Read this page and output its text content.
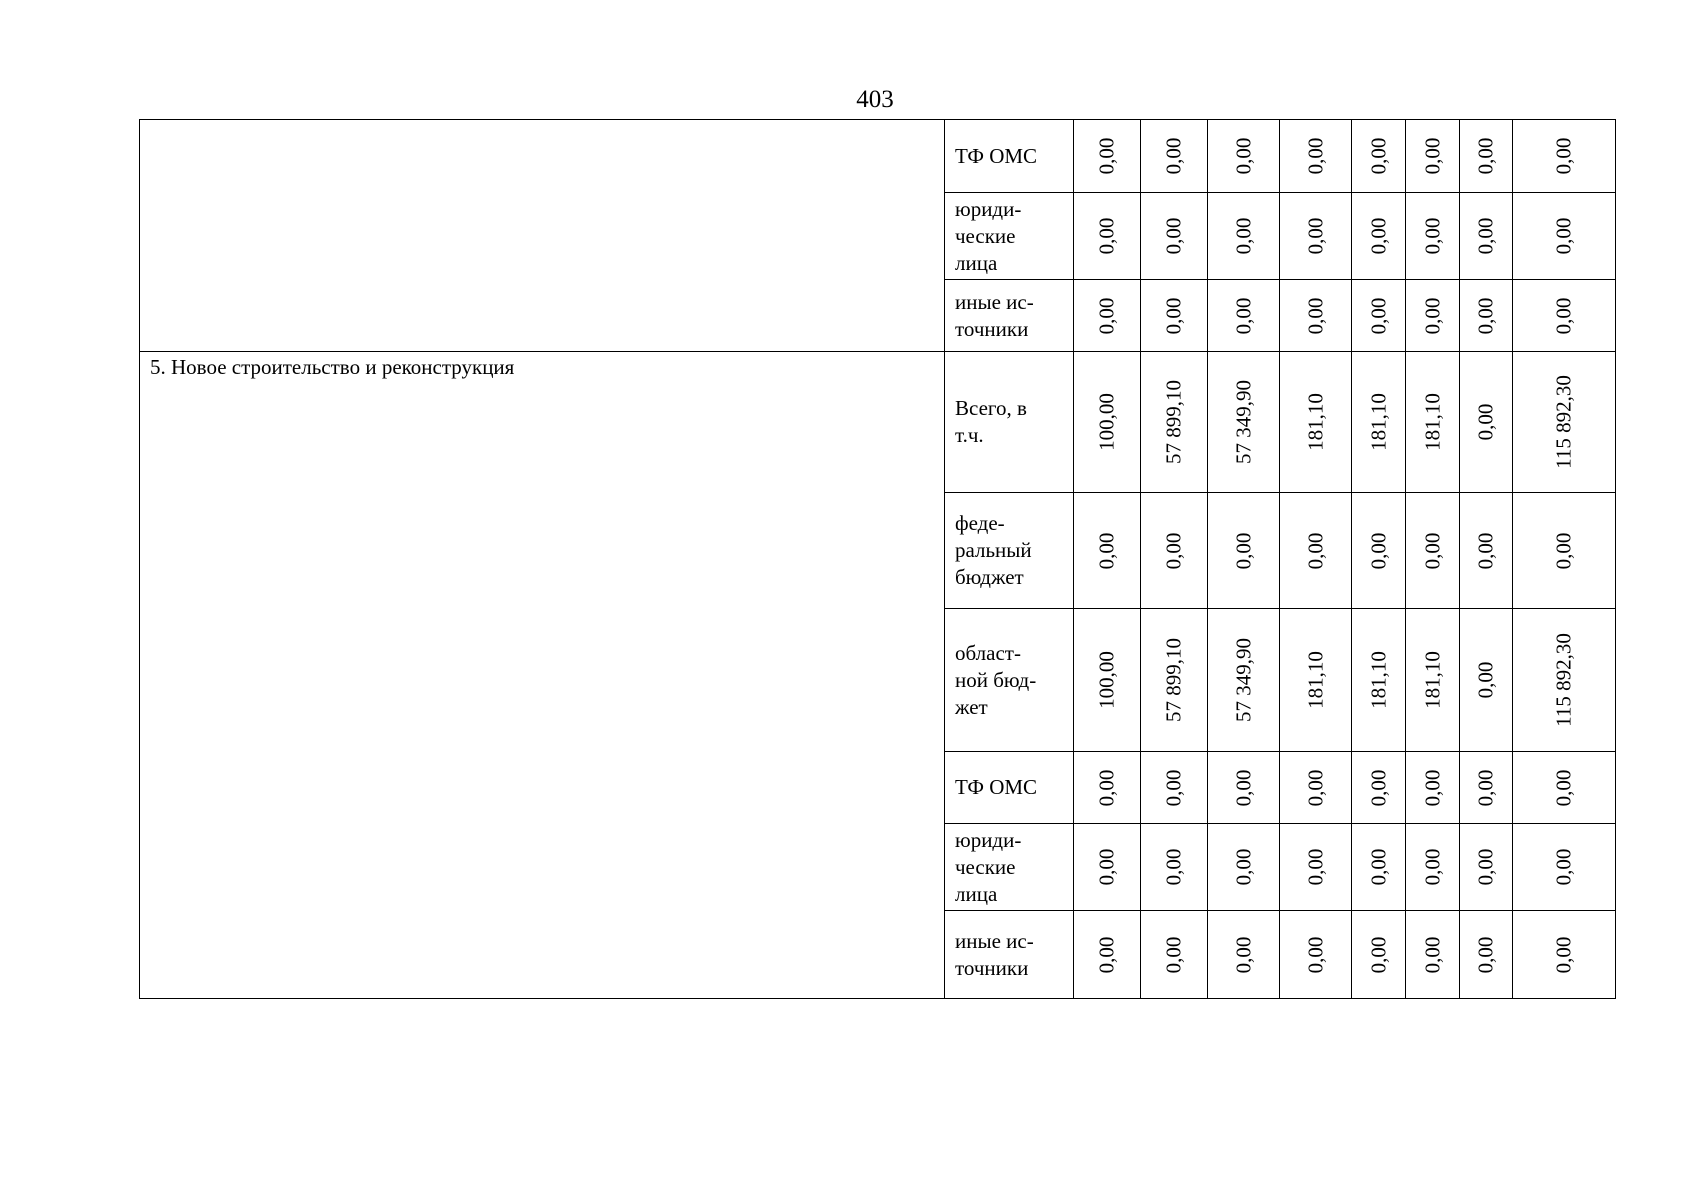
403
	ТФ ОМС	0,00	0,00	0,00	0,00	0,00	0,00	0,00	0,00

	юриди-
ческие
лица	0,00	0,00	0,00	0,00	0,00	0,00	0,00	0,00

	иные ис-
точники	0,00	0,00	0,00	0,00	0,00	0,00	0,00	0,00

5. Новое строительство и реконструкция	Всего, в
т.ч.	100,00	57 899,10	57 349,90	181,10	181,10	181,10	0,00	115 892,30

	феде-
ральный
бюджет	0,00	0,00	0,00	0,00	0,00	0,00	0,00	0,00

	област-
ной бюд-
жет	100,00	57 899,10	57 349,90	181,10	181,10	181,10	0,00	115 892,30

	ТФ ОМС	0,00	0,00	0,00	0,00	0,00	0,00	0,00	0,00

	юриди-
ческие
лица	0,00	0,00	0,00	0,00	0,00	0,00	0,00	0,00

	иные ис-
точники	0,00	0,00	0,00	0,00	0,00	0,00	0,00	0,00
